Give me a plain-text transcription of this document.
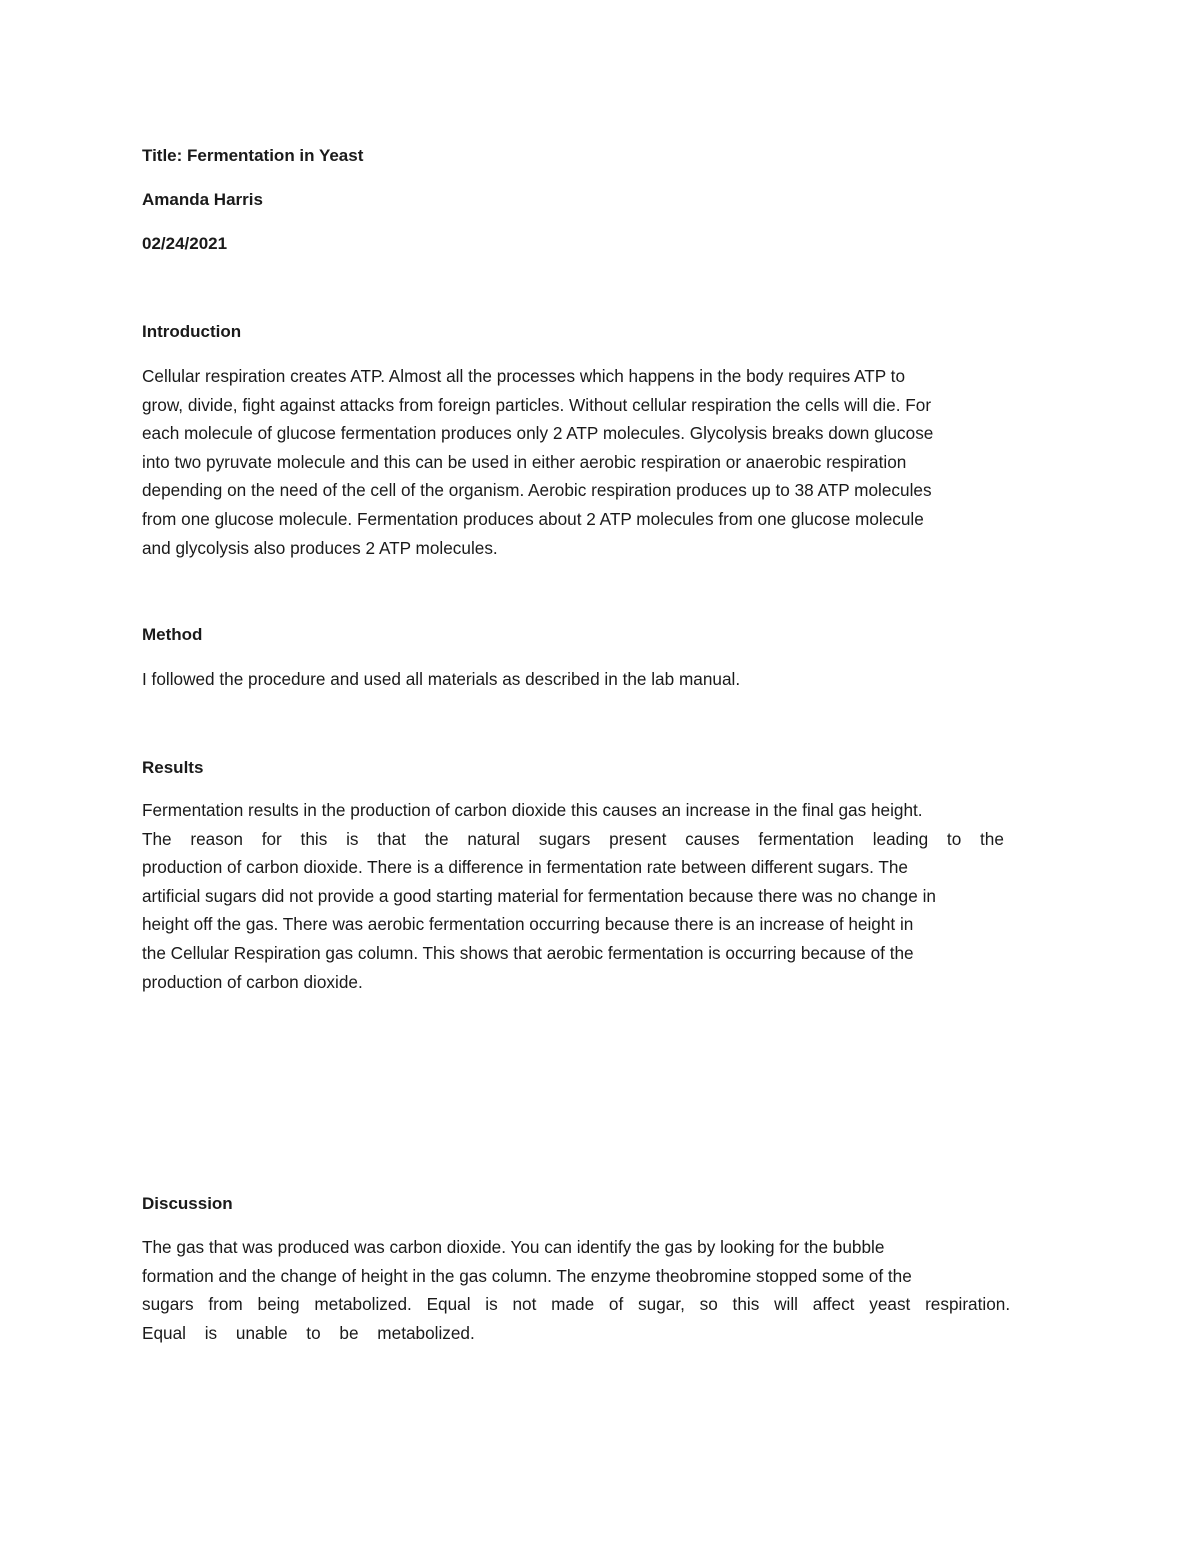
Title: Fermentation in Yeast

Amanda Harris

02/24/2021

Introduction

Cellular respiration creates ATP. Almost all the processes which happens in the body requires ATP to
grow, divide, fight against attacks from foreign particles. Without cellular respiration the cells will die. For
each molecule of glucose fermentation produces only 2 ATP molecules. Glycolysis breaks down glucose
into two pyruvate molecule and this can be used in either aerobic respiration or anaerobic respiration
depending on the need of the cell of the organism. Aerobic respiration produces up to 38 ATP molecules
from one glucose molecule. Fermentation produces about 2 ATP molecules from one glucose molecule
and glycolysis also produces 2 ATP molecules.

Method

I followed the procedure and used all materials as described in the lab manual.

Results

Fermentation results in the production of carbon dioxide this causes an increase in the final gas height.
The reason for this is that the natural sugars present causes fermentation leading to the
production of carbon dioxide. There is a difference in fermentation rate between different sugars. The
artificial sugars did not provide a good starting material for fermentation because there was no change in
height off the gas. There was aerobic fermentation occurring because there is an increase of height in
the Cellular Respiration gas column. This shows that aerobic fermentation is occurring because of the
production of carbon dioxide.

Discussion

The gas that was produced was carbon dioxide. You can identify the gas by looking for the bubble
formation and the change of height in the gas column. The enzyme theobromine stopped some of the
sugars from being metabolized. Equal is not made of sugar, so this will affect yeast respiration.
Equal is unable to be metabolized.
